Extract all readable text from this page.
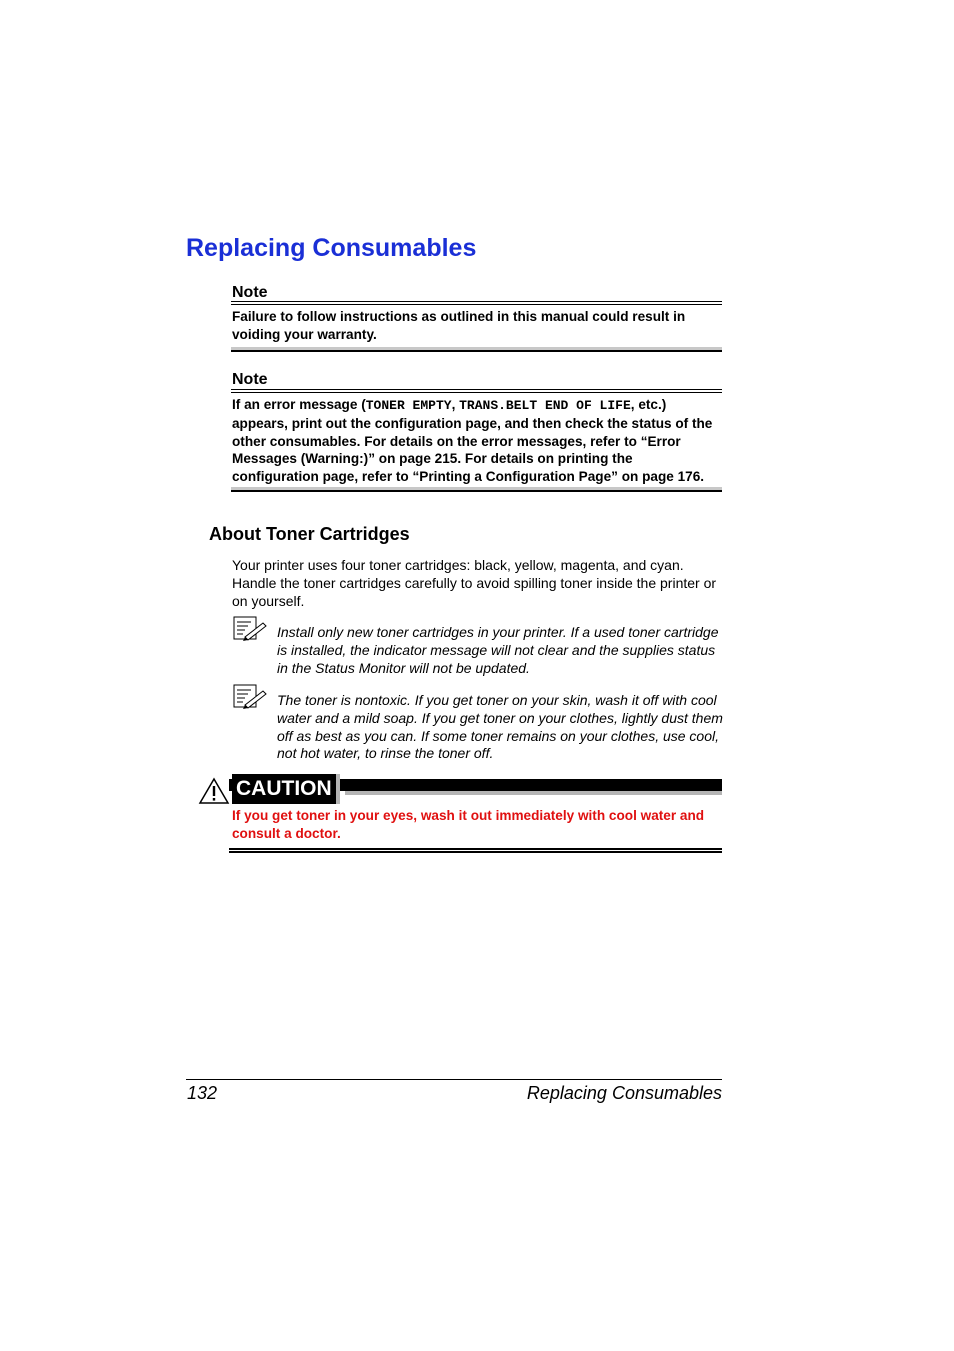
Replacing Consumables
Note
Failure to follow instructions as outlined in this manual could result in voiding your warranty.
Note
If an error message (TONER EMPTY, TRANS.BELT END OF LIFE, etc.) appears, print out the configuration page, and then check the status of the other consumables. For details on the error messages, refer to “Error Messages (Warning:)” on page 215. For details on printing the configuration page, refer to “Printing a Configuration Page” on page 176.
About Toner Cartridges
Your printer uses four toner cartridges: black, yellow, magenta, and cyan. Handle the toner cartridges carefully to avoid spilling toner inside the printer or on yourself.
Install only new toner cartridges in your printer. If a used toner cartridge is installed, the indicator message will not clear and the supplies status in the Status Monitor will not be updated.
The toner is nontoxic. If you get toner on your skin, wash it off with cool water and a mild soap. If you get toner on your clothes, lightly dust them off as best as you can. If some toner remains on your clothes, use cool, not hot water, to rinse the toner off.
CAUTION
If you get toner in your eyes, wash it out immediately with cool water and consult a doctor.
132	Replacing Consumables
